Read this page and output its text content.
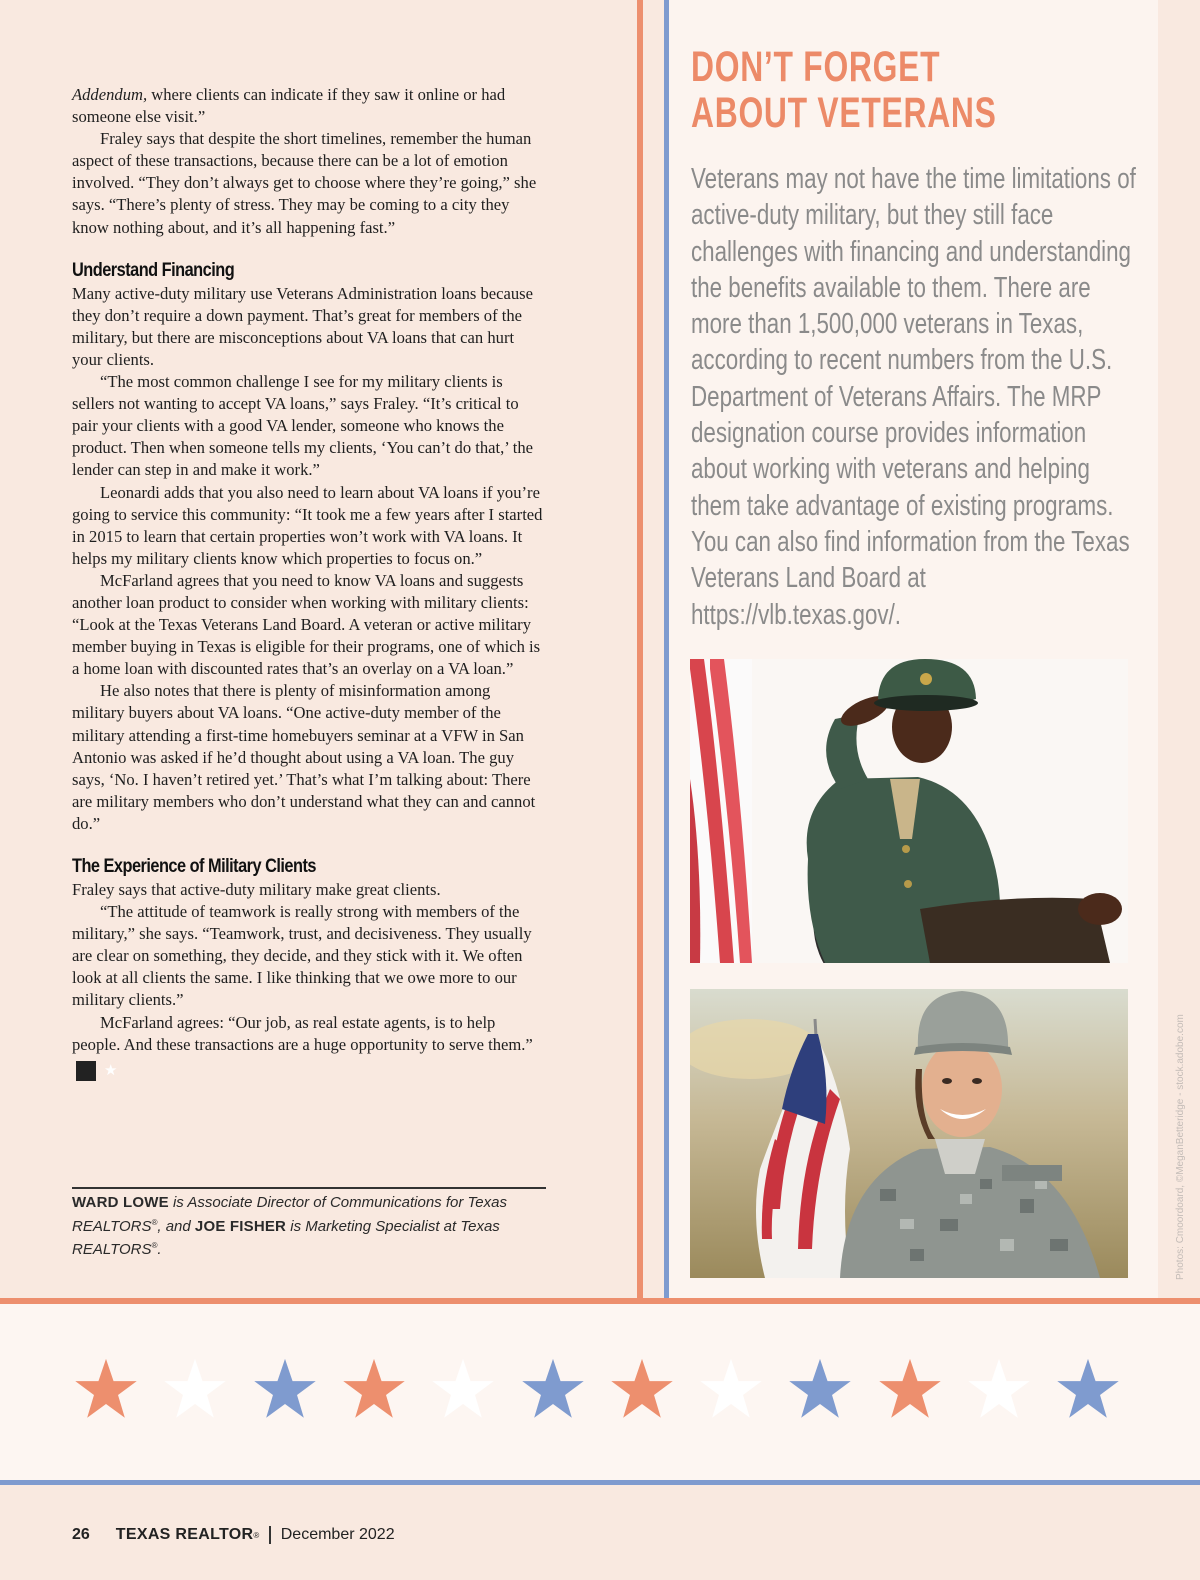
Addendum, where clients can indicate if they saw it online or had someone else visit.”

Fraley says that despite the short timelines, remember the human aspect of these transactions, because there can be a lot of emotion involved. “They don’t always get to choose where they’re going,” she says. “There’s plenty of stress. They may be coming to a city they know nothing about, and it’s all happening fast.”

Understand Financing

Many active-duty military use Veterans Administration loans because they don’t require a down payment. That’s great for members of the military, but there are misconceptions about VA loans that can hurt your clients.

“The most common challenge I see for my military clients is sellers not wanting to accept VA loans,” says Fraley. “It’s critical to pair your clients with a good VA lender, someone who knows the product. Then when someone tells my clients, ‘You can’t do that,’ the lender can step in and make it work.”

Leonardi adds that you also need to learn about VA loans if you’re going to service this community: “It took me a few years after I started in 2015 to learn that certain properties won’t work with VA loans. It helps my military clients know which properties to focus on.”

McFarland agrees that you need to know VA loans and suggests another loan product to consider when working with military clients: “Look at the Texas Veterans Land Board. A veteran or active military member buying in Texas is eligible for their programs, one of which is a home loan with discounted rates that’s an overlay on a VA loan.”

He also notes that there is plenty of misinformation among military buyers about VA loans. “One active-duty member of the military attending a first-time homebuyers seminar at a VFW in San Antonio was asked if he’d thought about using a VA loan. The guy says, ‘No. I haven’t retired yet.’ That’s what I’m talking about: There are military members who don’t understand what they can and cannot do.”

The Experience of Military Clients

Fraley says that active-duty military make great clients.

“The attitude of teamwork is really strong with members of the military,” she says. “Teamwork, trust, and decisiveness. They usually are clear on something, they decide, and they stick with it. We often look at all clients the same. I like thinking that we owe more to our military clients.”

McFarland agrees: “Our job, as real estate agents, is to help people. And these transactions are a huge opportunity to serve them.”★

WARD LOWE is Associate Director of Communications for Texas REALTORS®, and JOE FISHER is Marketing Specialist at Texas REALTORS®.
DON’T FORGET
ABOUT VETERANS
Veterans may not have the time limitations of active-duty military, but they still face challenges with financing and understanding the benefits available to them. There are more than 1,500,000 veterans in Texas, according to recent numbers from the U.S. Department of Veterans Affairs. The MRP designation course provides information about working with veterans and helping them take advantage of existing programs. You can also find information from the Texas Veterans Land Board at https://vlb.texas.gov/.
Photos: Cmoordoard, ©MeganBetteridge - stock.adobe.com
26 TEXAS REALTOR ® December 2022
